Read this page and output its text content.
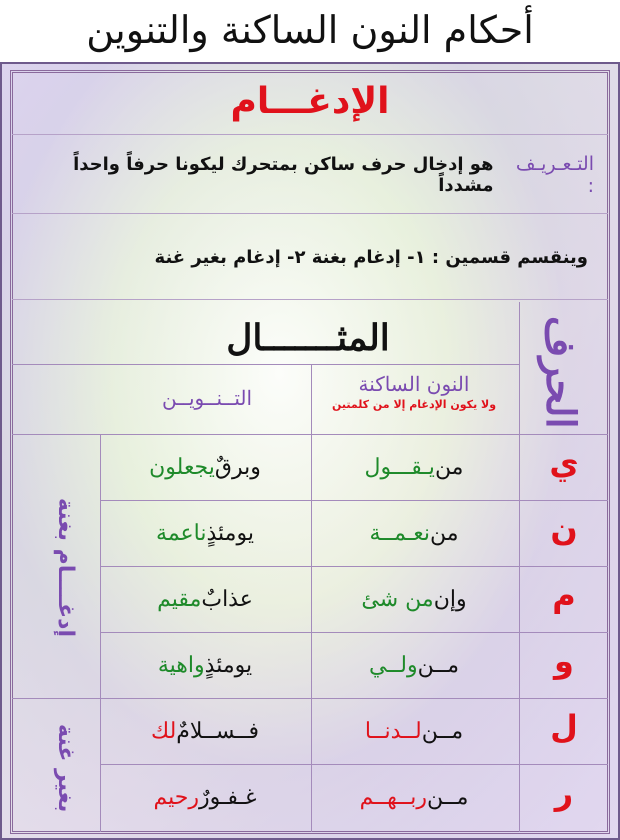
أحكام النون الساكنة والتنوين
الإدغـــام
التـعـريـف :
هو إدخال حرف ساكن بمتحرك ليكونا حرفاً واحداً مشدداً
وينقسم قسمين : ١- إدغام بغنة ٢- إدغام بغير غنة
الحرف
المثـــــــال
النون الساكنة
ولا يكون الإدغام إلا من كلمتين
التــنــويــن
إدغــــام بغنة
بغير غنة
ي
من
يـقـــول
وبرقٌ
يجعلون
ن
من
نعـمــة
يومئذٍ
ناعمة
م
وإن
من شئ
عذابٌ
مقيم
و
مــن
ولــي
يومئذٍ
واهية
ل
مــن
لــدنــا
فــســلامٌ
لك
ر
مــن
ربــهــم
غـفـورٌ
رحيم
